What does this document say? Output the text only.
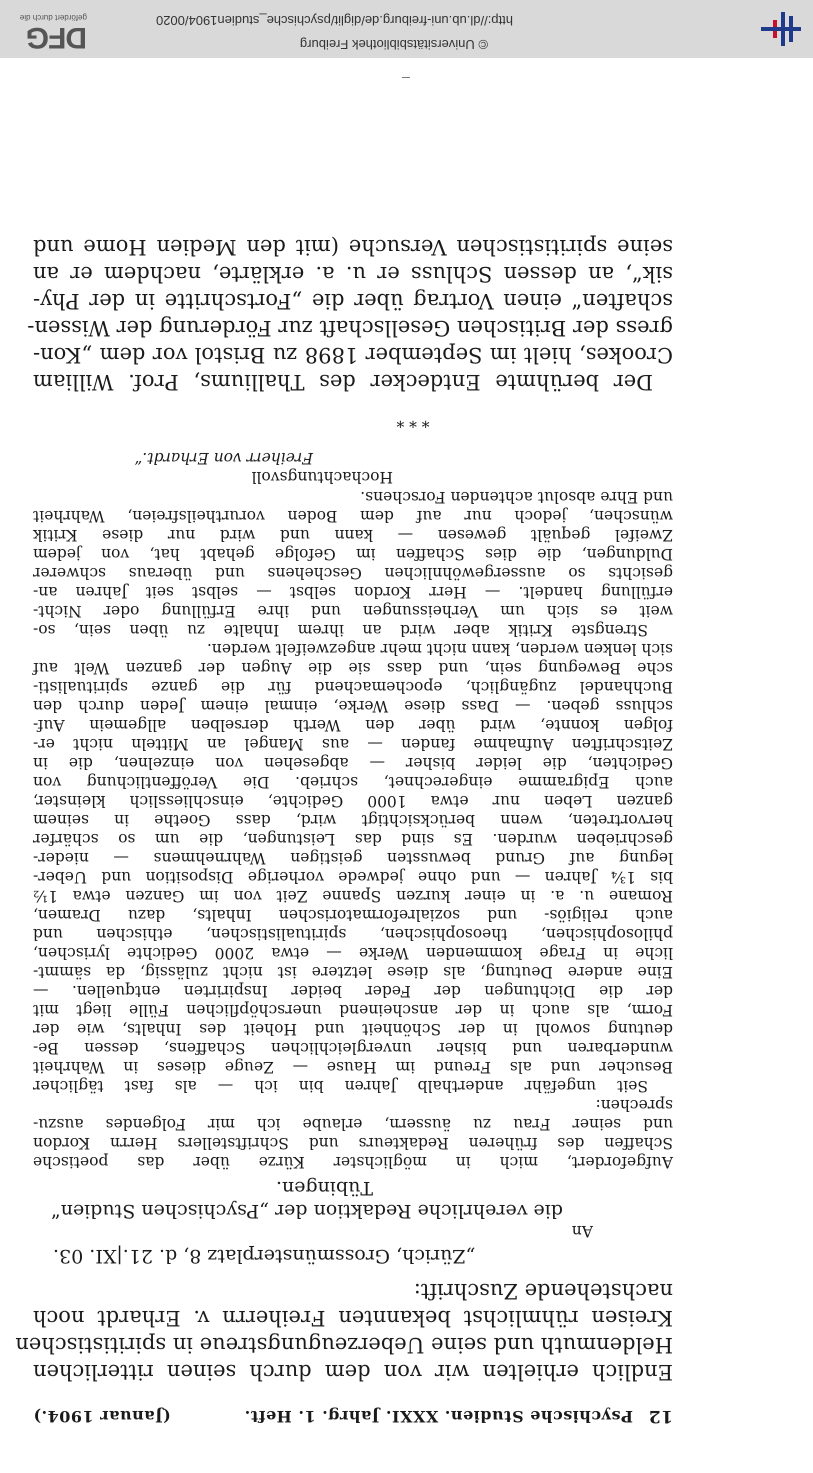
© Universitätsbibliothek Freiburg
http://dl.ub.uni-freiburg.de/diglit/psychische_studien1904/0020
DFG
gefördert durch die
12
Psychische Studien. XXXI. Jahrg. 1. Heft.
(Januar 1904.)
Endlich erhielten wir von dem durch seinen ritterlichen
Heldenmuth und seine Ueberzeugungstreue in spiritistischen
Kreisen rühmlichst bekannten Freiherrn v. Erhardt noch
nachstehende Zuschrift:
„Zürich, Grossmünsterplatz 8, d. 21.|XI. 03.
An
die verehrliche Redaktion der „Psychischen Studien“
Tübingen.
Aufgefordert, mich in möglichster Kürze über das poetische
Schaffen des früheren Redakteurs und Schriftstellers Herrn Kordon
und seiner Frau zu äussern, erlaube ich mir Folgendes auszu-
sprechen:
Seit ungefähr anderthalb Jahren bin ich — als fast täglicher
Besucher und als Freund im Hause — Zeuge dieses in Wahrheit
wunderbaren und bisher unvergleichlichen Schaffens, dessen Be-
deutung sowohl in der Schönheit und Hoheit des Inhalts, wie der
Form, als auch in der anscheinend unerschöpflichen Fülle liegt mit
der die Dichtungen der Feder beider Inspirirten entquellen. —
Eine andere Deutung, als diese letztere ist nicht zulässig, da sämmt-
liche in Frage kommenden Werke — etwa 2000 Gedichte lyrischen,
philosophischen, theosophischen, spiritualistischen, ethischen und
auch religiös- und sozialreformatorischen Inhalts, dazu Dramen,
Romane u. a. in einer kurzen Spanne Zeit von im Ganzen etwa 1½
bis 1¾ Jahren — und ohne jedwede vorherige Disposition und Ueber-
legung auf Grund bewussten geistigen Wahrnehmens — nieder-
geschrieben wurden. Es sind das Leistungen, die um so schärfer
hervortreten, wenn berücksichtigt wird, dass Goethe in seinem
ganzen Leben nur etwa 1000 Gedichte, einschliesslich kleinster,
auch Epigramme eingerechnet, schrieb. Die Veröffentlichung von
Gedichten, die leider bisher — abgesehen von einzelnen, die in
Zeitschriften Aufnahme fanden — aus Mangel an Mitteln nicht er-
folgen konnte, wird über den Werth derselben allgemein Auf-
schluss geben. — Dass diese Werke, einmal einem Jeden durch den
Buchhandel zugänglich, epochemachend für die ganze spiritualisti-
sche Bewegung sein, und dass sie die Augen der ganzen Welt auf
sich lenken werden, kann nicht mehr angezweifelt werden.
Strengste Kritik aber wird an ihrem Inhalte zu üben sein, so-
weit es sich um Verheissungen und ihre Erfüllung oder Nicht-
erfüllung handelt. — Herr Kordon selbst — selbst seit Jahren an-
gesichts so aussergewöhnlichen Geschehens und überaus schwerer
Duldungen, die dies Schaffen im Gefolge gehabt hat, von jedem
Zweifel gequält gewesen — kann und wird nur diese Kritik
wünschen, jedoch nur auf dem Boden vorurtheilsfreien, Wahrheit
und Ehre absolut achtenden Forschens.
Hochachtungsvoll
Freiherr von Erhardt.“
* * *
Der berühmte Entdecker des Thalliums, Prof. William
Crookes, hielt im September 1898 zu Bristol vor dem „Kon-
gress der Britischen Gesellschaft zur Förderung der Wissen-
schaften“ einen Vortrag über die „Fortschritte in der Phy-
sik“, an dessen Schluss er u. a. erklärte, nachdem er an
seine spiritistischen Versuche (mit den Medien Home und
